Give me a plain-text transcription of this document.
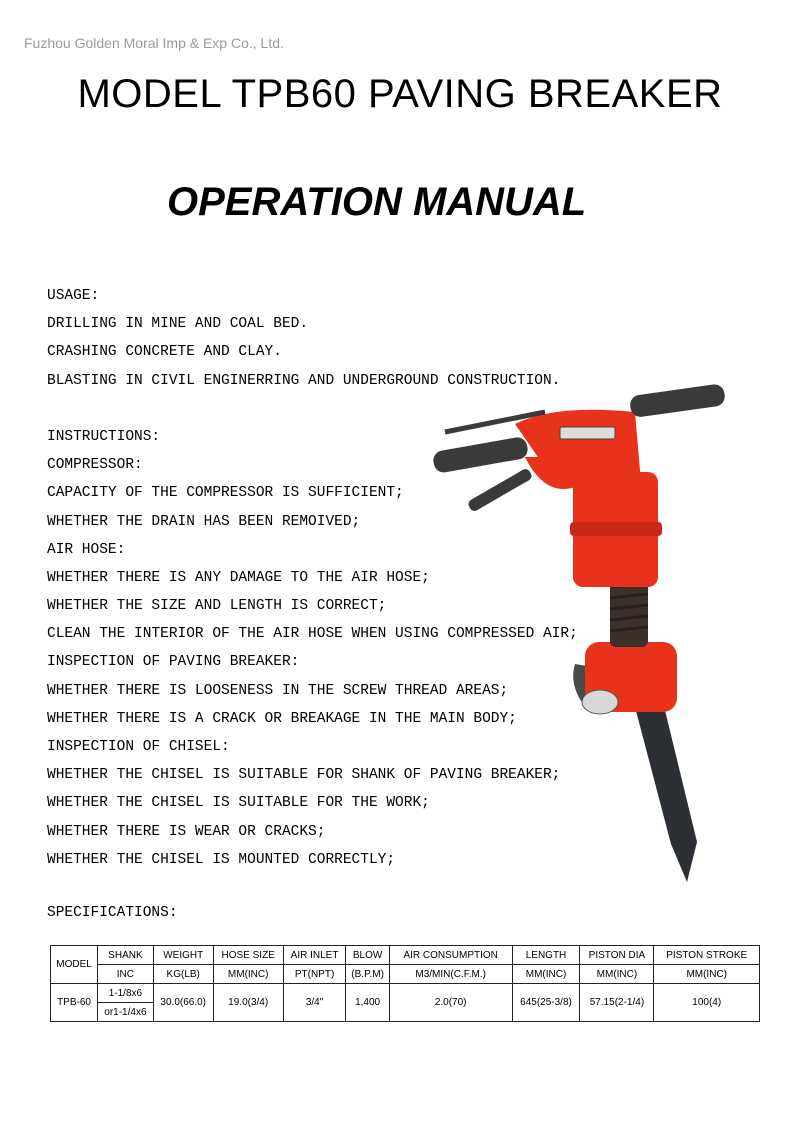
Fuzhou Golden Moral Imp & Exp Co., Ltd.
MODEL TPB60 PAVING BREAKER
OPERATION MANUAL
USAGE:
DRILLING IN MINE AND COAL BED.
CRASHING CONCRETE AND CLAY.
BLASTING IN CIVIL ENGINERRING AND UNDERGROUND CONSTRUCTION.
INSTRUCTIONS:
COMPRESSOR:
CAPACITY OF THE COMPRESSOR IS SUFFICIENT;
WHETHER THE DRAIN HAS BEEN REMOIVED;
AIR HOSE:
WHETHER THERE IS ANY DAMAGE TO THE AIR HOSE;
WHETHER THE SIZE AND LENGTH IS CORRECT;
CLEAN THE INTERIOR OF THE AIR HOSE WHEN USING COMPRESSED AIR;
INSPECTION OF PAVING BREAKER:
WHETHER THERE IS LOOSENESS IN THE SCREW THREAD AREAS;
WHETHER THERE IS A CRACK OR BREAKAGE IN THE MAIN BODY;
INSPECTION OF CHISEL:
WHETHER THE CHISEL IS SUITABLE FOR SHANK OF PAVING BREAKER;
WHETHER THE CHISEL IS SUITABLE FOR THE WORK;
WHETHER THERE IS WEAR OR CRACKS;
WHETHER THE CHISEL IS MOUNTED CORRECTLY;
SPECIFICATIONS:
MODEL	SHANK	WEIGHT	HOSE SIZE	AIR INLET	BLOW	AIR CONSUMPTION	LENGTH	PISTON DIA	PISTON STROKE
	INC	KG(LB)	MM(INC)	PT(NPT)	(B.P.M)	M3/MIN(C.F.M.)	MM(INC)	MM(INC)	MM(INC)
TPB-60	1-1/8x6	30.0(66.0)	19.0(3/4)	3/4"	1,400	2.0(70)	645(25-3/8)	57.15(2-1/4)	100(4)
	or1-1/4x6								
